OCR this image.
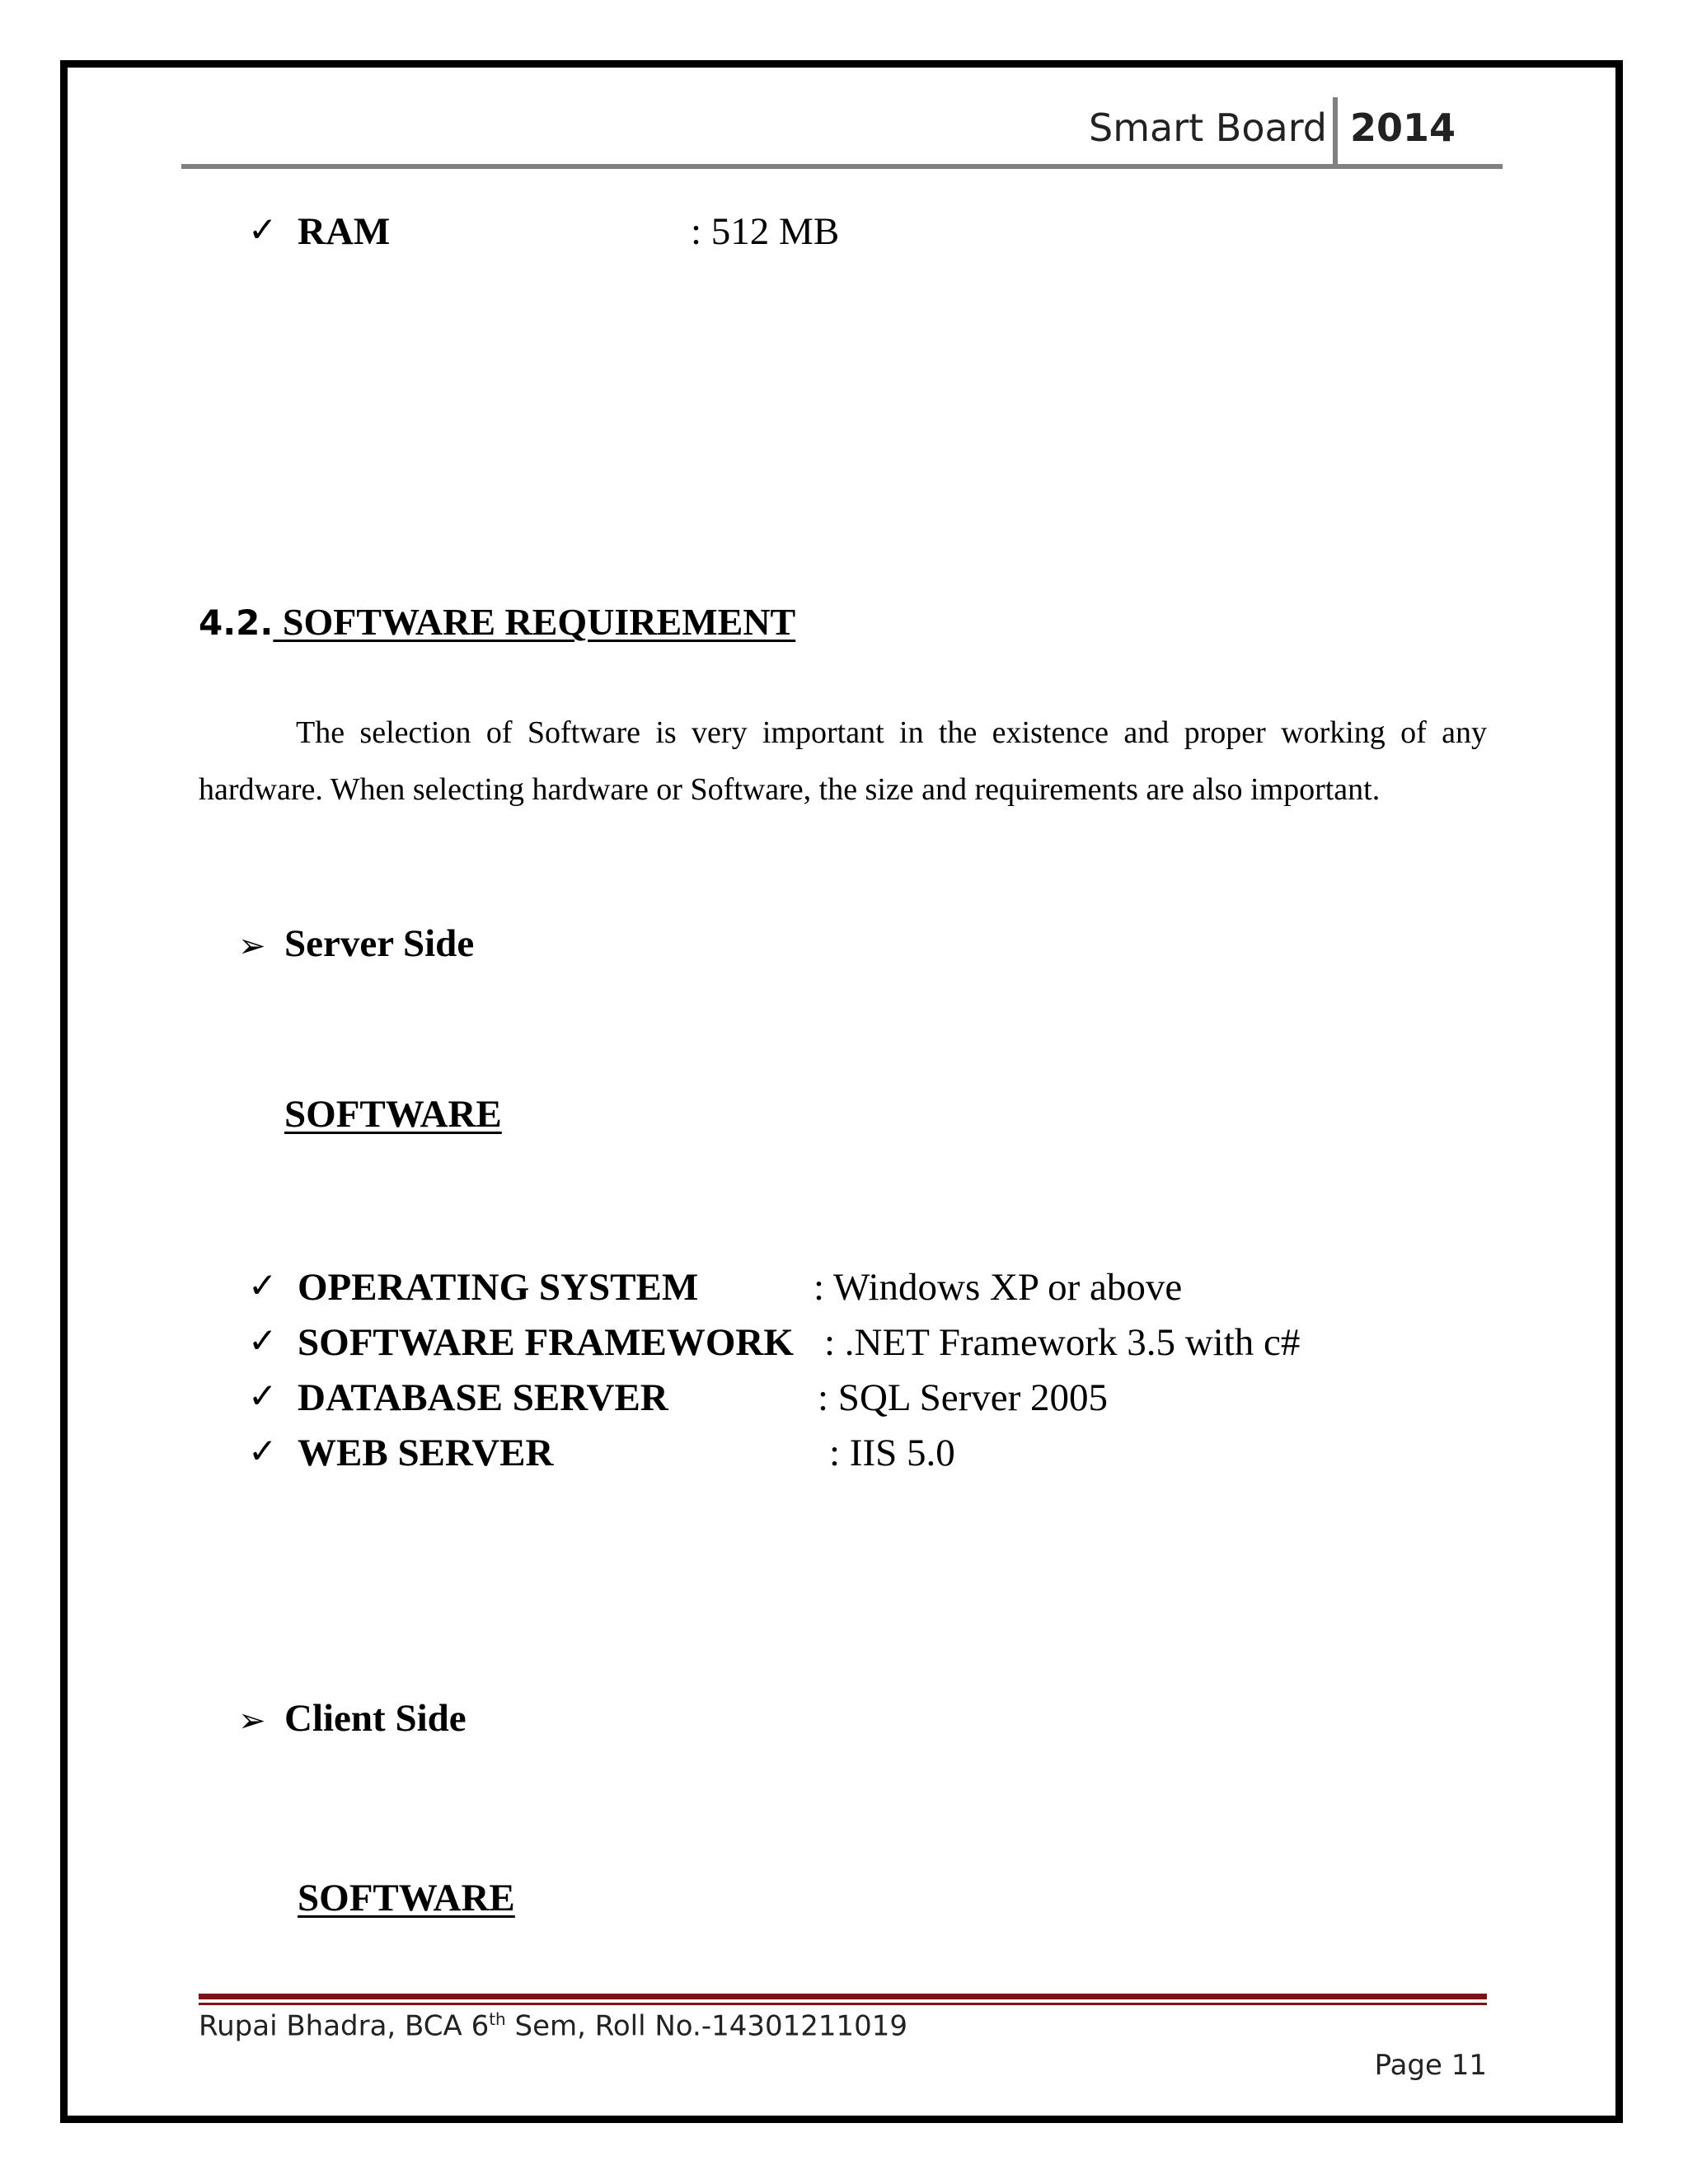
Smart Board 2014
✓ RAM	: 512 MB
4.2. SOFTWARE REQUIREMENT
The selection of Software is very important in the existence and proper working of any hardware. When selecting hardware or Software, the size and requirements are also important.
➢ Server Side
SOFTWARE
✓ OPERATING SYSTEM	: Windows XP or above
✓ SOFTWARE FRAMEWORK : .NET Framework 3.5 with c#
✓ DATABASE SERVER	: SQL Server 2005
✓ WEB SERVER	: IIS 5.0
➢ Client Side
SOFTWARE
Rupai Bhadra, BCA 6th Sem, Roll No.-14301211019
Page 11
